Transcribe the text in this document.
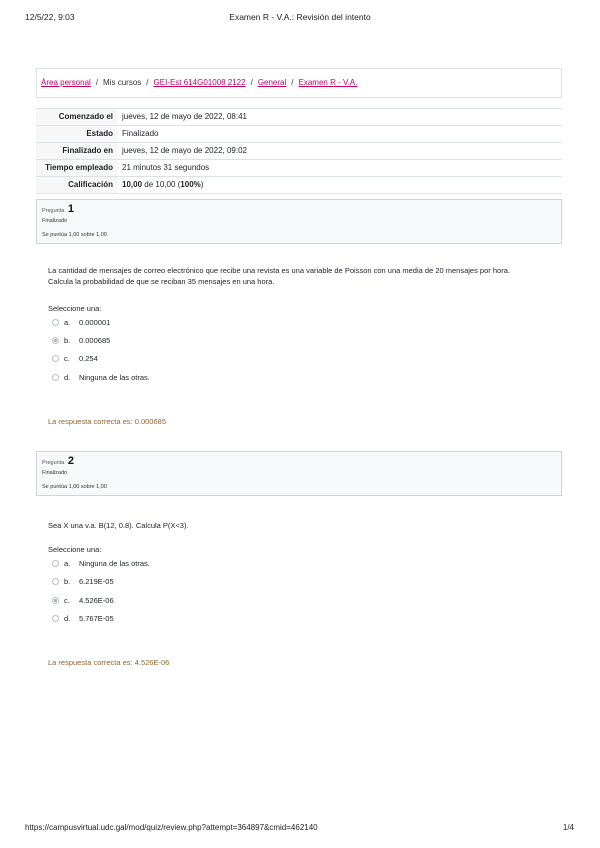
12/5/22, 9:03	Examen R - V.A.: Revisión del intento
Área personal / Mis cursos / GEI-Est 614G01008 2122 / General / Examen R - V.A.
Comenzado el	jueves, 12 de mayo de 2022, 08:41
Estado	Finalizado
Finalizado en	jueves, 12 de mayo de 2022, 09:02
Tiempo empleado	21 minutos 31 segundos
Calificación	10,00 de 10,00 (100%)
Pregunta 1
Finalizado
Se puntúa 1,00 sobre 1,00
La cantidad de mensajes de correo electrónico que recibe una revista es una variable de Poisson con una media de 20 mensajes por hora.
Calcula la probabilidad de que se reciban 35 mensajes en una hora.
Seleccione una:
a. 0.000001
b. 0.000685
c. 0.254
d. Ninguna de las otras.
La respuesta correcta es: 0.000685
Pregunta 2
Finalizado
Se puntúa 1,00 sobre 1,00
Sea X una v.a. B(12, 0.8). Calcula P(X<3).
Seleccione una:
a. Ninguna de las otras.
b. 6.219E-05
c. 4.526E-06
d. 5.767E-05
La respuesta correcta es: 4.526E-06
https://campusvirtual.udc.gal/mod/quiz/review.php?attempt=364897&cmid=462140	1/4
